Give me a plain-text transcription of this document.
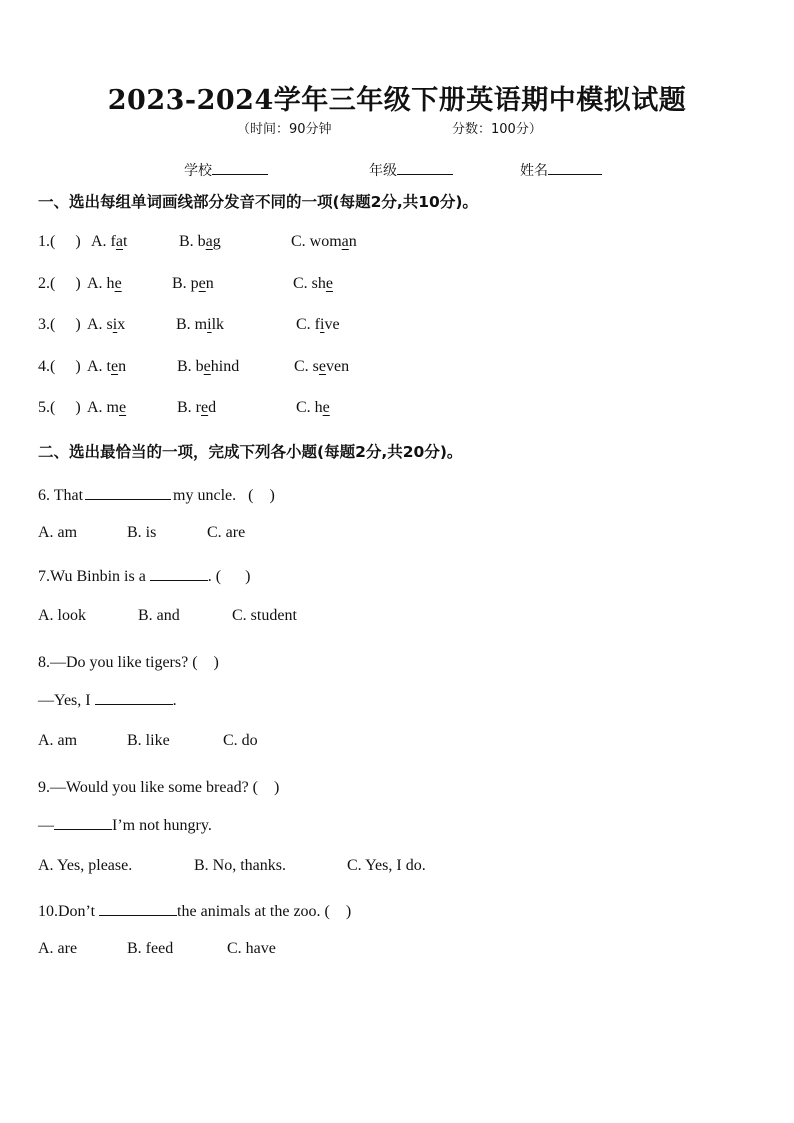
2023-2024学年三年级下册英语期中模拟试题
（时间：90分钟	分数：100分）
学校	年级	姓名
一、选出每组单词画线部分发音不同的一项(每题2分,共10分)。
1.( ) A. fat	B. bag	C. woman
2.( ) A. he	B. pen	C. she
3.( ) A. six	B. milk	C. five
4.( ) A. ten	B. behind	C. seven
5.( ) A. me	B. red	C. he
二、选出最恰当的一项，完成下列各小题(每题2分,共20分)。
6. That	my uncle. (　)
A. am	B. is	C. are
7.Wu Binbin is a	. ( )
A. look	B. and	C. student
8.—Do you like tigers? (　)
—Yes, I	.
A. am	B. like	C. do
9.—Would you like some bread? (　)
—	I’m not hungry.
A. Yes, please.	B. No, thanks.	C. Yes, I do.
10.Don’t	the animals at the zoo. (　)
A. are	B. feed	C. have
